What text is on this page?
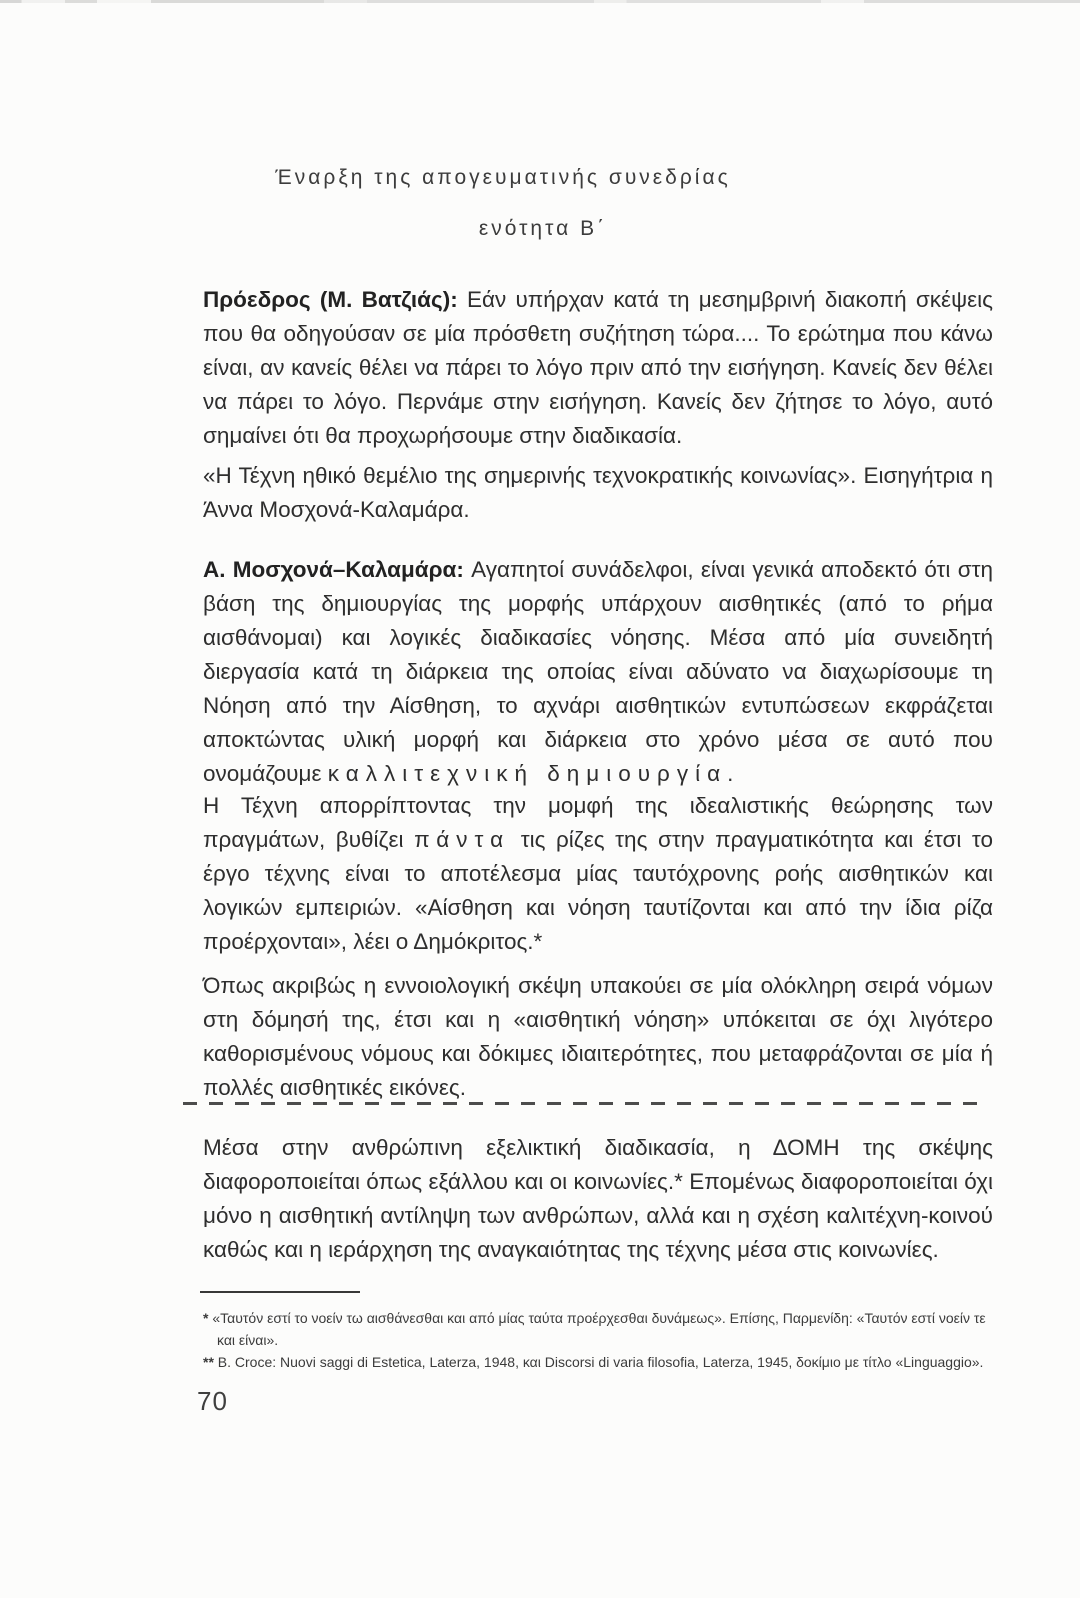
Έναρξη της απογευματινής συνεδρίας
ενότητα Β΄
Πρόεδρος (Μ. Βατζιάς): Εάν υπήρχαν κατά τη μεσημβρινή διακοπή σκέψεις που θα οδηγούσαν σε μία πρόσθετη συζήτηση τώρα.... Το ερώτημα που κάνω είναι, αν κανείς θέλει να πάρει το λόγο πριν από την εισήγηση. Κανείς δεν θέλει να πάρει το λόγο. Περνάμε στην εισήγηση. Κανείς δεν ζήτησε το λόγο, αυτό σημαίνει ότι θα προχωρήσουμε στην διαδικασία.
«Η Τέχνη ηθικό θεμέλιο της σημερινής τεχνοκρατικής κοινωνίας». Εισηγήτρια η Άννα Μοσχονά-Καλαμάρα.
Α. Μοσχονά–Καλαμάρα: Αγαπητοί συνάδελφοι, είναι γενικά αποδεκτό ότι στη βάση της δημιουργίας της μορφής υπάρχουν αισθητικές (από το ρήμα αισθάνομαι) και λογικές διαδικασίες νόησης. Μέσα από μία συνειδητή διεργασία κατά τη διάρκεια της οποίας είναι αδύνατο να διαχωρίσουμε τη Νόηση από την Αίσθηση, το αχνάρι αισθητικών εντυπώσεων εκφράζεται αποκτώντας υλική μορφή και διάρκεια στο χρόνο μέσα σε αυτό που ονομάζουμε καλλιτεχνική δημιουργία.
Η Τέχνη απορρίπτοντας την μομφή της ιδεαλιστικής θεώρησης των πραγμάτων, βυθίζει πάντα τις ρίζες της στην πραγματικότητα και έτσι το έργο τέχνης είναι το αποτέλεσμα μίας ταυτόχρονης ροής αισθητικών και λογικών εμπειριών. «Αίσθηση και νόηση ταυτίζονται και από την ίδια ρίζα προέρχονται», λέει ο Δημόκριτος.*
Όπως ακριβώς η εννοιολογική σκέψη υπακούει σε μία ολόκληρη σειρά νόμων στη δόμησή της, έτσι και η «αισθητική νόηση» υπόκειται σε όχι λιγότερο καθορισμένους νόμους και δόκιμες ιδιαιτερότητες, που μεταφράζονται σε μία ή πολλές αισθητικές εικόνες.
Μέσα στην ανθρώπινη εξελικτική διαδικασία, η ΔΟΜΗ της σκέψης διαφοροποιείται όπως εξάλλου και οι κοινωνίες.* Επομένως διαφοροποιείται όχι μόνο η αισθητική αντίληψη των ανθρώπων, αλλά και η σχέση καλιτέχνη-κοινού καθώς και η ιεράρχηση της αναγκαιότητας της τέχνης μέσα στις κοινωνίες.
* «Ταυτόν εστί το νοείν τω αισθάνεσθαι και από μίας ταύτα προέρχεσθαι δυνάμεως». Επίσης, Παρμενίδη: «Ταυτόν εστί νοείν τε και είναι».
** Β. Croce: Nuovi saggi di Estetica, Laterza, 1948, και Discorsi di varia filosofia, Laterza, 1945, δοκίμιο με τίτλο «Linguaggio».
70
